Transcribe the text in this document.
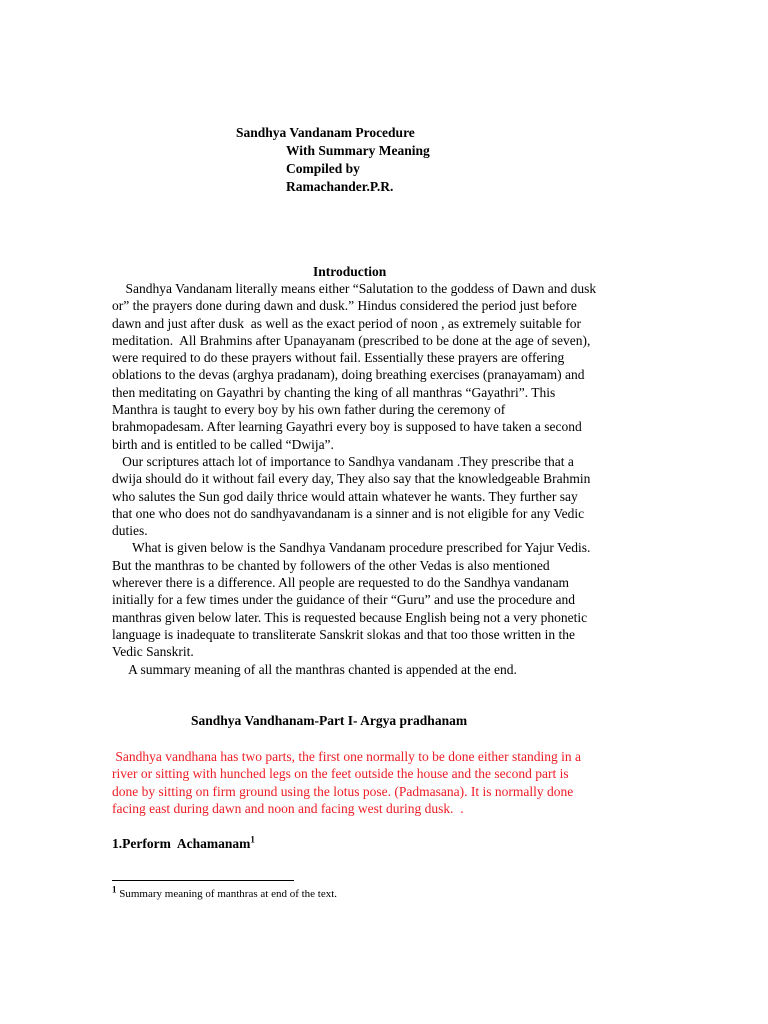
Sandhya Vandanam Procedure
With Summary Meaning
Compiled by
Ramachander.P.R.
Introduction

Sandhya Vandanam literally means either “Salutation to the goddess of Dawn and dusk

or” the prayers done during dawn and dusk.” Hindus considered the period just before

dawn and just after dusk  as well as the exact period of noon , as extremely suitable for

meditation.  All Brahmins after Upanayanam (prescribed to be done at the age of seven),

were required to do these prayers without fail. Essentially these prayers are offering

oblations to the devas (arghya pradanam), doing breathing exercises (pranayamam) and

then meditating on Gayathri by chanting the king of all manthras “Gayathri”. This

Manthra is taught to every boy by his own father during the ceremony of

brahmopadesam. After learning Gayathri every boy is supposed to have taken a second

birth and is entitled to be called “Dwija”.

Our scriptures attach lot of importance to Sandhya vandanam .They prescribe that a

dwija should do it without fail every day, They also say that the knowledgeable Brahmin

who salutes the Sun god daily thrice would attain whatever he wants. They further say

that one who does not do sandhyavandanam is a sinner and is not eligible for any Vedic

duties.

What is given below is the Sandhya Vandanam procedure prescribed for Yajur Vedis.

But the manthras to be chanted by followers of the other Vedas is also mentioned

wherever there is a difference. All people are requested to do the Sandhya vandanam

initially for a few times under the guidance of their “Guru” and use the procedure and

manthras given below later. This is requested because English being not a very phonetic

language is inadequate to transliterate Sanskrit slokas and that too those written in the

Vedic Sanskrit.

A summary meaning of all the manthras chanted is appended at the end.

Sandhya Vandhanam-Part I- Argya pradhanam

Sandhya vandhana has two parts, the first one normally to be done either standing in a

river or sitting with hunched legs on the feet outside the house and the second part is

done by sitting on firm ground using the lotus pose. (Padmasana). It is normally done

facing east during dawn and noon and facing west during dusk.  .

1.Perform  Achamanam$^1$
$^1$ Summary meaning of manthras at end of the text.
